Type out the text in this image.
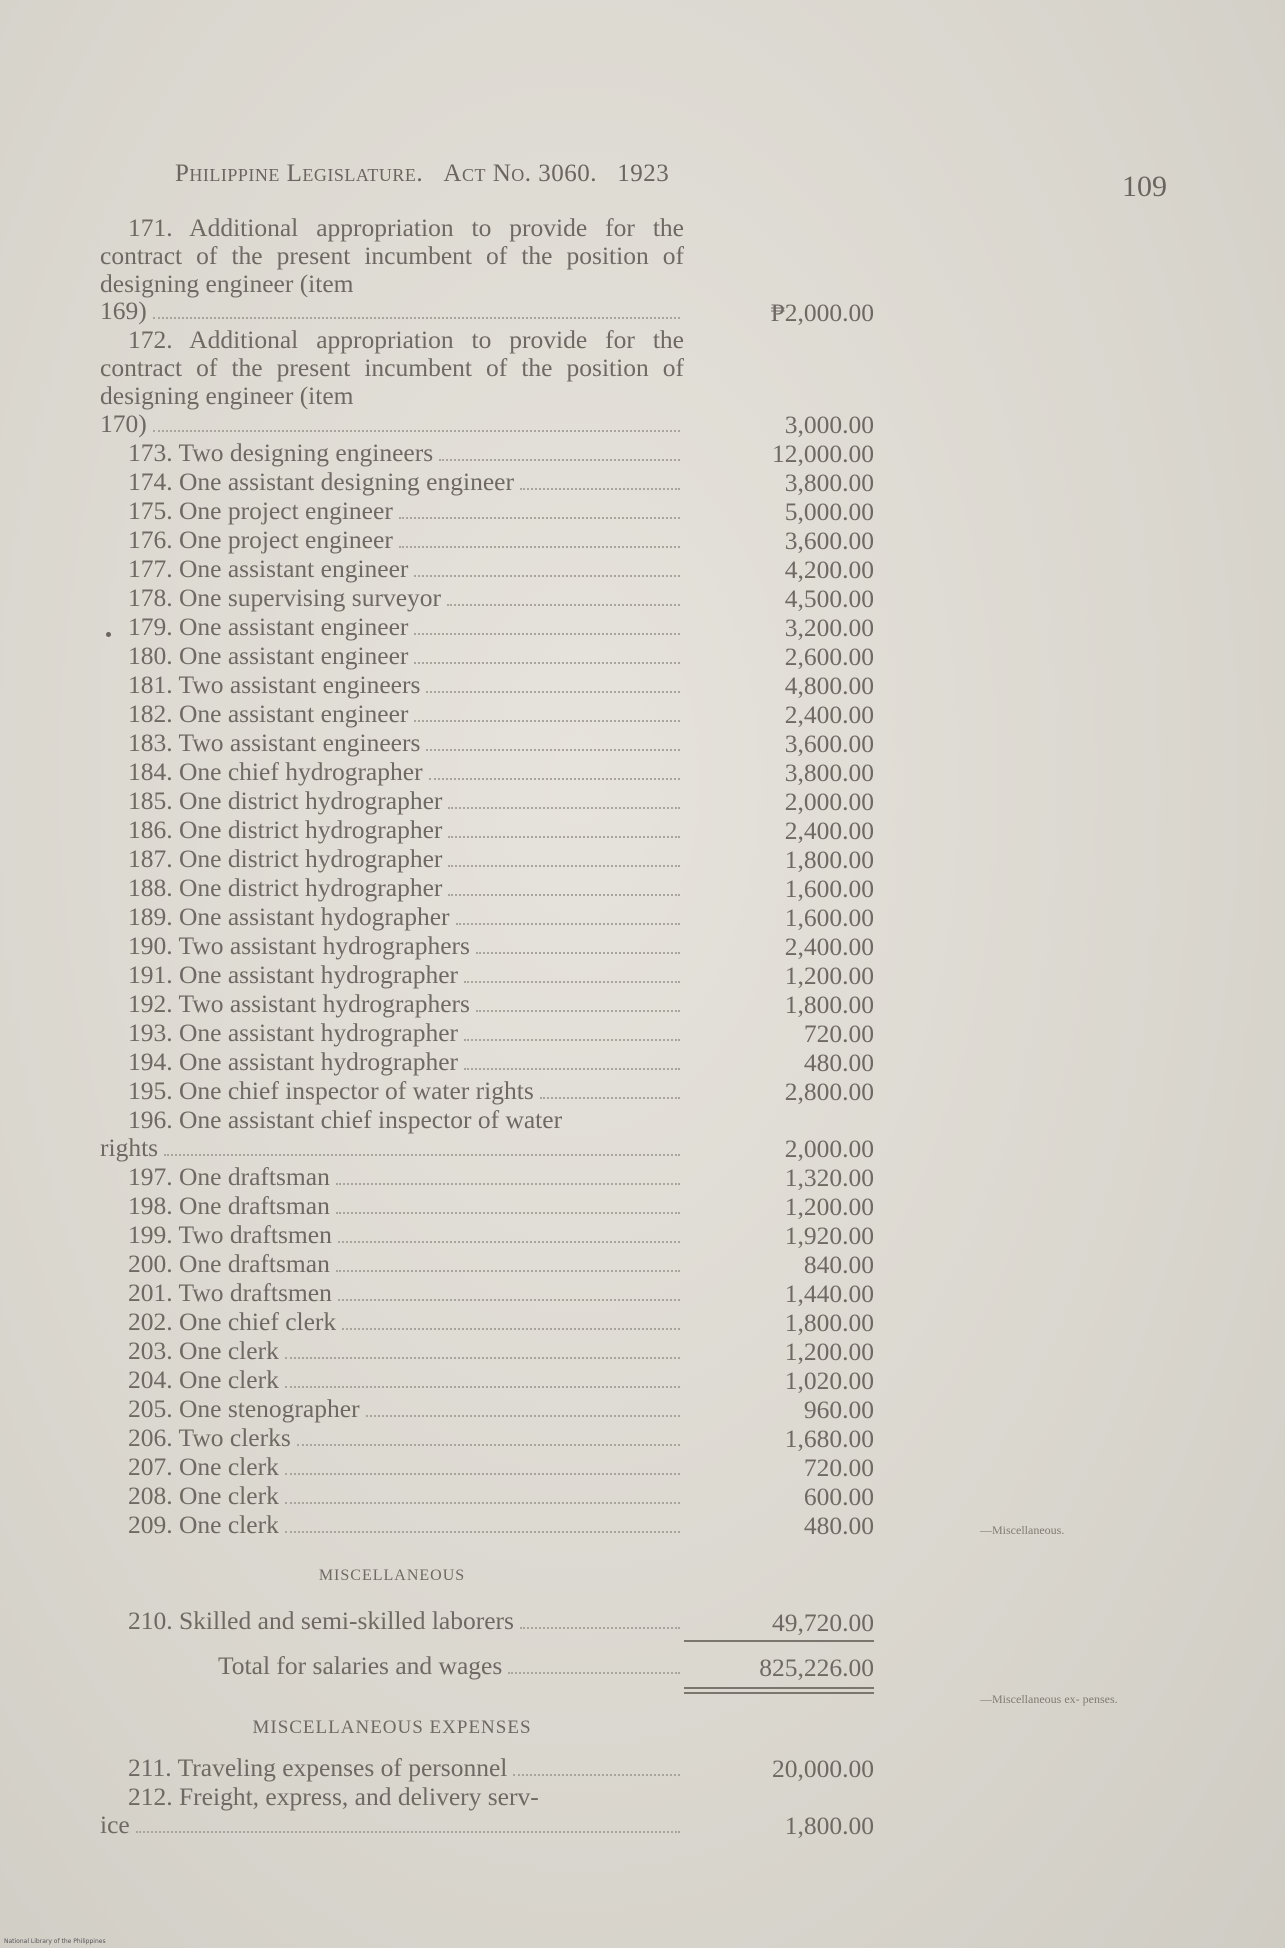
Philippine Legislature. Act No. 3060. 1923	109

171. Additional appropriation to provide for the contract of the present incumbent of the position of designing engineer (item

169)	₱2,000.00

172. Additional appropriation to provide for the contract of the present incumbent of the position of designing engineer (item

170)	3,000.00
173. Two designing engineers	12,000.00
174. One assistant designing engineer	3,800.00
175. One project engineer	5,000.00
176. One project engineer	3,600.00
177. One assistant engineer	4,200.00
178. One supervising surveyor	4,500.00
179. One assistant engineer	3,200.00
180. One assistant engineer	2,600.00
181. Two assistant engineers	4,800.00
182. One assistant engineer	2,400.00
183. Two assistant engineers	3,600.00
184. One chief hydrographer	3,800.00
185. One district hydrographer	2,000.00
186. One district hydrographer	2,400.00
187. One district hydrographer	1,800.00
188. One district hydrographer	1,600.00
189. One assistant hydographer	1,600.00
190. Two assistant hydrographers	2,400.00
191. One assistant hydrographer	1,200.00
192. Two assistant hydrographers	1,800.00
193. One assistant hydrographer	720.00
194. One assistant hydrographer	480.00
195. One chief inspector of water rights	2,800.00

196. One assistant chief inspector of water

rights	2,000.00
197. One draftsman	1,320.00
198. One draftsman	1,200.00
199. Two draftsmen	1,920.00
200. One draftsman	840.00
201. Two draftsmen	1,440.00
202. One chief clerk	1,800.00
203. One clerk	1,200.00
204. One clerk	1,020.00
205. One stenographer	960.00
206. Two clerks	1,680.00
207. One clerk	720.00
208. One clerk	600.00
209. One clerk	480.00
MISCELLANEOUS
—Miscellaneous.
210. Skilled and semi-skilled laborers	49,720.00
Total for salaries and wages	825,226.00
MISCELLANEOUS EXPENSES
—Miscellaneous ex- penses.
211. Traveling expenses of personnel	20,000.00

212. Freight, express, and delivery serv-

ice	1,800.00
National Library of the Philippines
